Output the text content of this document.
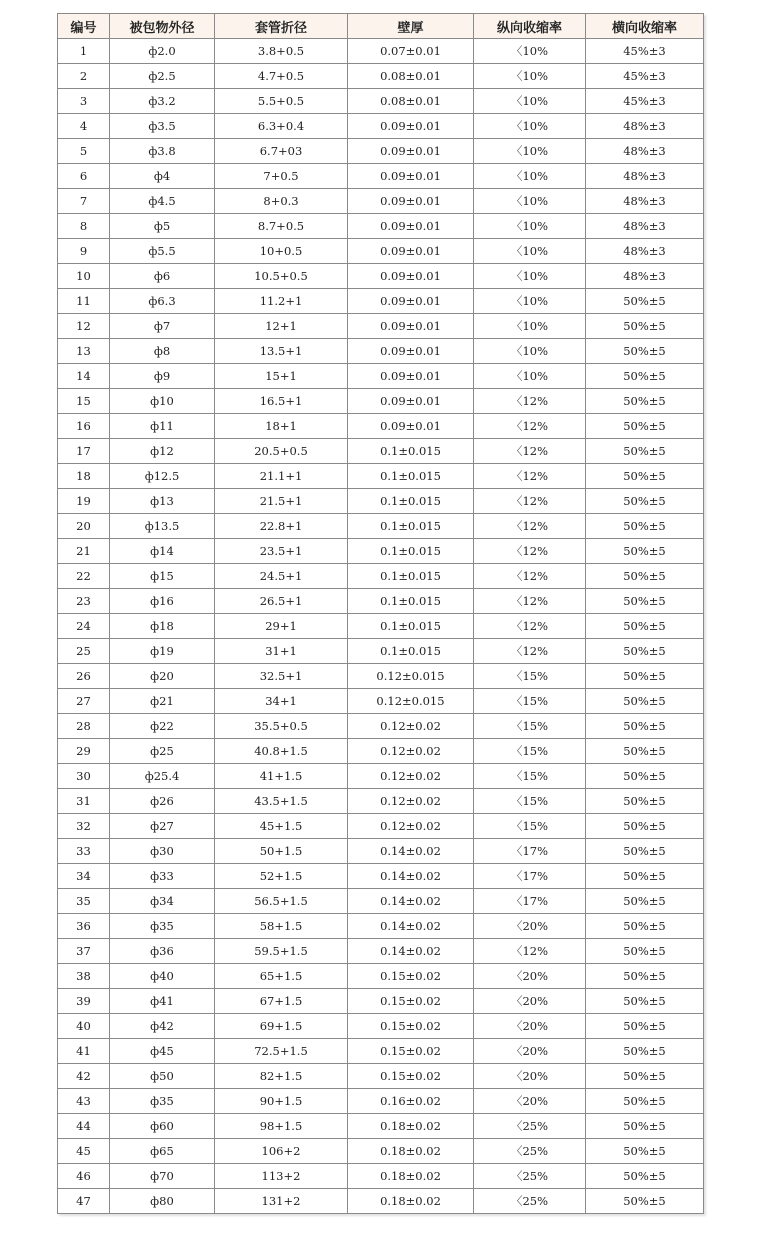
编号	被包物外径	套管折径	壁厚	纵向收缩率	横向收缩率
1	ф2.0	3.8+0.5	0.07±0.01	〈10%	45%±3
2	ф2.5	4.7+0.5	0.08±0.01	〈10%	45%±3
3	ф3.2	5.5+0.5	0.08±0.01	〈10%	45%±3
4	ф3.5	6.3+0.4	0.09±0.01	〈10%	48%±3
5	ф3.8	6.7+03	0.09±0.01	〈10%	48%±3
6	ф4	7+0.5	0.09±0.01	〈10%	48%±3
7	ф4.5	8+0.3	0.09±0.01	〈10%	48%±3
8	ф5	8.7+0.5	0.09±0.01	〈10%	48%±3
9	ф5.5	10+0.5	0.09±0.01	〈10%	48%±3
10	ф6	10.5+0.5	0.09±0.01	〈10%	48%±3
11	ф6.3	11.2+1	0.09±0.01	〈10%	50%±5
12	ф7	12+1	0.09±0.01	〈10%	50%±5
13	ф8	13.5+1	0.09±0.01	〈10%	50%±5
14	ф9	15+1	0.09±0.01	〈10%	50%±5
15	ф10	16.5+1	0.09±0.01	〈12%	50%±5
16	ф11	18+1	0.09±0.01	〈12%	50%±5
17	ф12	20.5+0.5	0.1±0.015	〈12%	50%±5
18	ф12.5	21.1+1	0.1±0.015	〈12%	50%±5
19	ф13	21.5+1	0.1±0.015	〈12%	50%±5
20	ф13.5	22.8+1	0.1±0.015	〈12%	50%±5
21	ф14	23.5+1	0.1±0.015	〈12%	50%±5
22	ф15	24.5+1	0.1±0.015	〈12%	50%±5
23	ф16	26.5+1	0.1±0.015	〈12%	50%±5
24	ф18	29+1	0.1±0.015	〈12%	50%±5
25	ф19	31+1	0.1±0.015	〈12%	50%±5
26	ф20	32.5+1	0.12±0.015	〈15%	50%±5
27	ф21	34+1	0.12±0.015	〈15%	50%±5
28	ф22	35.5+0.5	0.12±0.02	〈15%	50%±5
29	ф25	40.8+1.5	0.12±0.02	〈15%	50%±5
30	ф25.4	41+1.5	0.12±0.02	〈15%	50%±5
31	ф26	43.5+1.5	0.12±0.02	〈15%	50%±5
32	ф27	45+1.5	0.12±0.02	〈15%	50%±5
33	ф30	50+1.5	0.14±0.02	〈17%	50%±5
34	ф33	52+1.5	0.14±0.02	〈17%	50%±5
35	ф34	56.5+1.5	0.14±0.02	〈17%	50%±5
36	ф35	58+1.5	0.14±0.02	〈20%	50%±5
37	ф36	59.5+1.5	0.14±0.02	〈12%	50%±5
38	ф40	65+1.5	0.15±0.02	〈20%	50%±5
39	ф41	67+1.5	0.15±0.02	〈20%	50%±5
40	ф42	69+1.5	0.15±0.02	〈20%	50%±5
41	ф45	72.5+1.5	0.15±0.02	〈20%	50%±5
42	ф50	82+1.5	0.15±0.02	〈20%	50%±5
43	ф35	90+1.5	0.16±0.02	〈20%	50%±5
44	ф60	98+1.5	0.18±0.02	〈25%	50%±5
45	ф65	106+2	0.18±0.02	〈25%	50%±5
46	ф70	113+2	0.18±0.02	〈25%	50%±5
47	ф80	131+2	0.18±0.02	〈25%	50%±5
